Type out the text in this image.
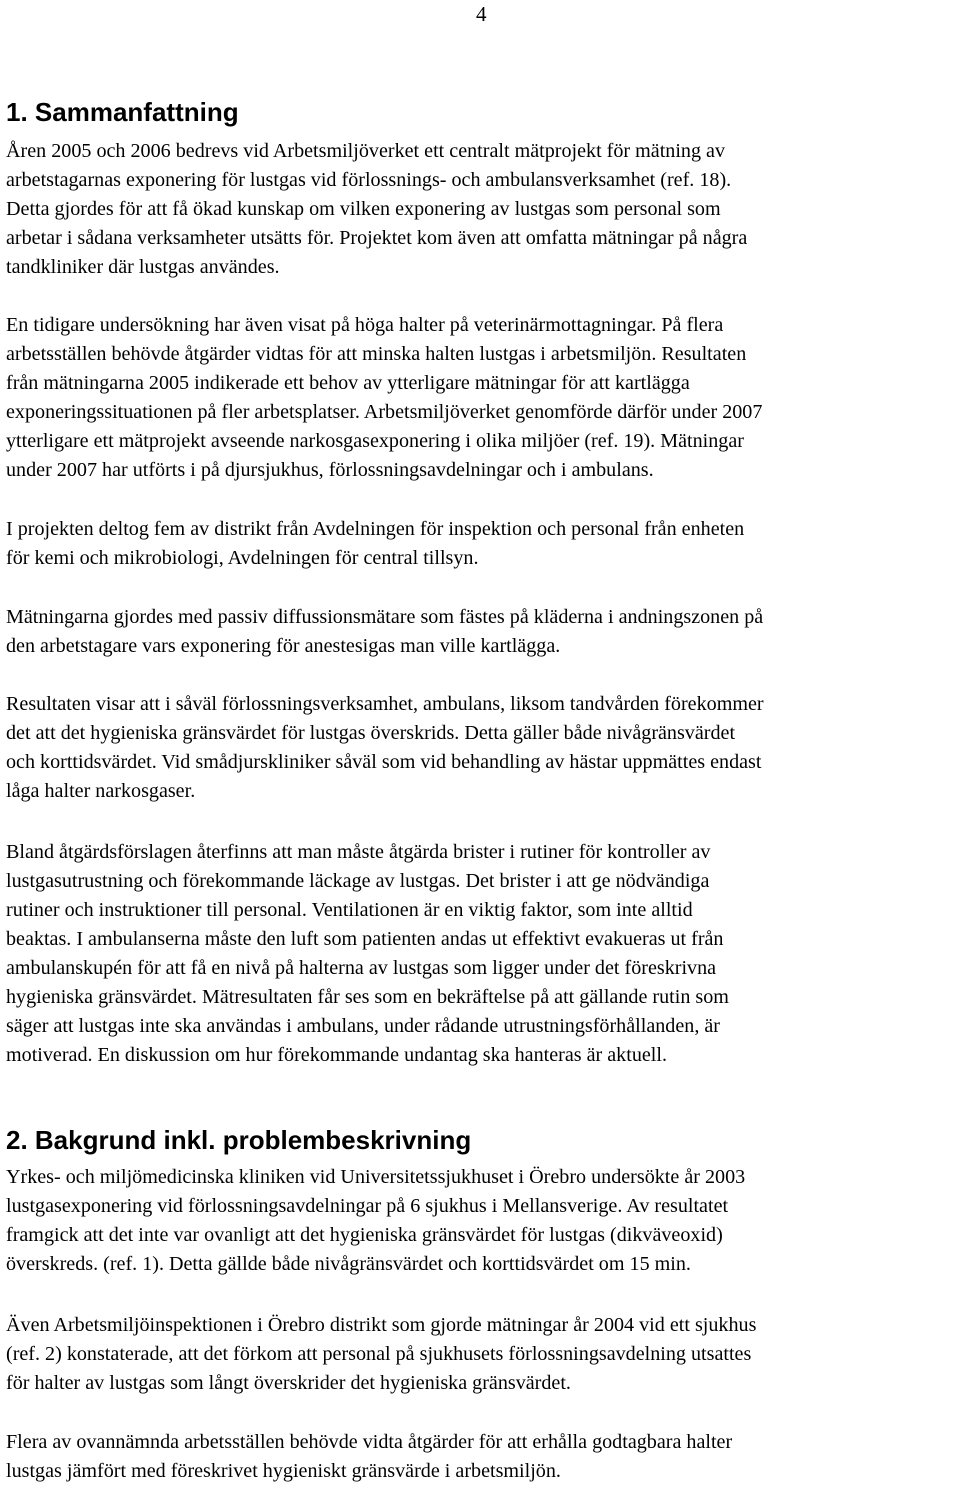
4
1. Sammanfattning
Åren 2005 och 2006 bedrevs vid Arbetsmiljöverket ett centralt mätprojekt för mätning av
arbetstagarnas exponering för lustgas vid förlossnings- och ambulansverksamhet (ref. 18).
Detta gjordes för att få ökad kunskap om vilken exponering av lustgas som personal som
arbetar i sådana verksamheter utsätts för. Projektet kom även att omfatta mätningar på några
tandkliniker där lustgas användes.
En tidigare undersökning har även visat på höga halter på veterinärmottagningar. På flera
arbetsställen behövde åtgärder vidtas för att minska halten lustgas i arbetsmiljön. Resultaten
från mätningarna 2005 indikerade ett behov av ytterligare mätningar för att kartlägga
exponeringssituationen på fler arbetsplatser. Arbetsmiljöverket genomförde därför under 2007
ytterligare ett mätprojekt avseende narkosgasexponering i olika miljöer (ref. 19). Mätningar
under 2007 har utförts i på djursjukhus, förlossningsavdelningar och i ambulans.
I projekten deltog fem av distrikt från Avdelningen för inspektion och personal från enheten
för kemi och mikrobiologi, Avdelningen för central tillsyn.
Mätningarna gjordes med passiv diffussionsmätare som fästes på kläderna i andningszonen på
den arbetstagare vars exponering för anestesigas man ville kartlägga.
Resultaten visar att i såväl förlossningsverksamhet, ambulans, liksom tandvården förekommer
det att det hygieniska gränsvärdet för lustgas överskrids. Detta gäller både nivågränsvärdet
och korttidsvärdet. Vid smådjurskliniker såväl som vid behandling av hästar uppmättes endast
låga halter narkosgaser.
Bland åtgärdsförslagen återfinns att man måste åtgärda brister i rutiner för kontroller av
lustgasutrustning och förekommande läckage av lustgas. Det brister i att ge nödvändiga
rutiner och instruktioner till personal. Ventilationen är en viktig faktor, som inte alltid
beaktas. I ambulanserna måste den luft som patienten andas ut effektivt evakueras ut från
ambulanskupén för att få en nivå på halterna av lustgas som ligger under det föreskrivna
hygieniska gränsvärdet. Mätresultaten får ses som en bekräftelse på att gällande rutin som
säger att lustgas inte ska användas i ambulans, under rådande utrustningsförhållanden, är
motiverad. En diskussion om hur förekommande undantag ska hanteras är aktuell.
2. Bakgrund inkl. problembeskrivning
Yrkes- och miljömedicinska kliniken vid Universitetssjukhuset i Örebro undersökte år 2003
lustgasexponering vid förlossningsavdelningar på 6 sjukhus i Mellansverige. Av resultatet
framgick att det inte var ovanligt att det hygieniska gränsvärdet för lustgas (dikväveoxid)
överskreds. (ref. 1). Detta gällde både nivågränsvärdet och korttidsvärdet om 15 min.
Även Arbetsmiljöinspektionen i Örebro distrikt som gjorde mätningar år 2004 vid ett sjukhus
(ref. 2) konstaterade, att det förkom att personal på sjukhusets förlossningsavdelning utsattes
för halter av lustgas som långt överskrider det hygieniska gränsvärdet.
Flera av ovannämnda arbetsställen behövde vidta åtgärder för att erhålla godtagbara halter
lustgas jämfört med föreskrivet hygieniskt gränsvärde i arbetsmiljön.
